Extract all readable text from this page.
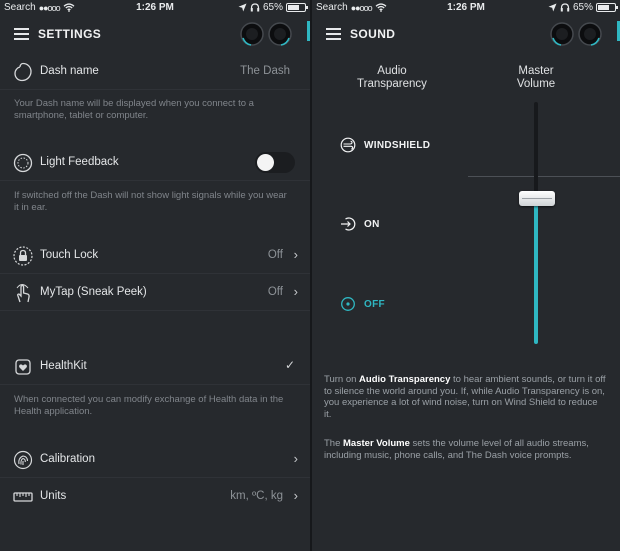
Search ●●ooo	1:26 PM	65%
SETTINGS
Dash name	The Dash
Your Dash name will be displayed when you connect to a smartphone, tablet or computer.
Light Feedback
If switched off the Dash will not show light signals while you wear it in ear.
Touch Lock	Off ›
MyTap (Sneak Peek)	Off ›
HealthKit	✓
When connected you can modify exchange of Health data in the Health application.
Calibration	›
Units	km, ºC, kg ›
Search ●●ooo	1:26 PM	65%
SOUND
Audio
Transparency
Master
Volume
WINDSHIELD
ON
OFF
Turn on Audio Transparency to hear ambient sounds, or turn it off to silence the world around you. If, while Audio Transparency is on, you experience a lot of wind noise, turn on Wind Shield to reduce it.
The Master Volume sets the volume level of all audio streams, including music, phone calls, and The Dash voice prompts.
